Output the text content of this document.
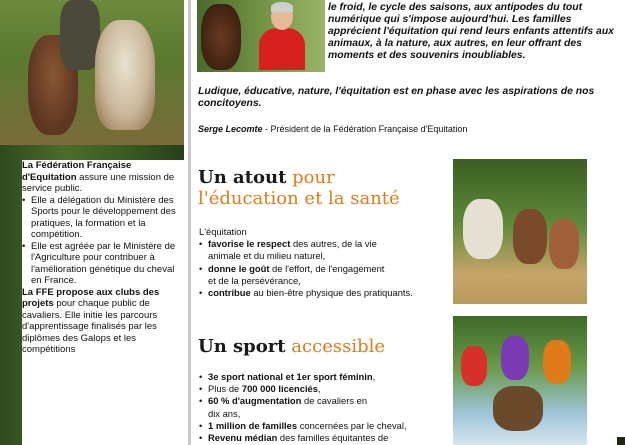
La Fédération Française d'Equitation assure une mission de service public.

• Elle a délégation du Ministère des Sports pour le développement des pratiques, la formation et la compétition.
• Elle est agréée par le Ministère de l'Agriculture pour contribuer à l'amélioration génétique du cheval en France.

La FFE propose aux clubs des projets pour chaque public de cavaliers. Elle initie les parcours d'apprentissage finalisés par les diplômes des Galops et les compétitions

le froid, le cycle des saisons, aux antipodes du tout numérique qui s'impose aujourd'hui. Les familles apprécient l'équitation qui rend leurs enfants attentifs aux animaux, à la nature, aux autres, en leur offrant des moments et des souvenirs inoubliables.
Ludique, éducative, nature, l'équitation est en phase avec les aspirations de nos concitoyens.
Serge Lecomte - Président de la Fédération Française d'Equitation
Un atout pour
l'éducation et la santé
L'équitation
• favorise le respect des autres, de la vie
animale et du milieu naturel,
• donne le goût de l'effort, de l'engagement
et de la persévérance,
• contribue au bien-être physique des pratiquants.
Un sport accessible
• 3e sport national et 1er sport féminin,
• Plus de 700 000 licenciés,
• 60 % d'augmentation de cavaliers en
dix ans,
• 1 million de familles concernées par le cheval,
• Revenu médian des familles équitantes de
